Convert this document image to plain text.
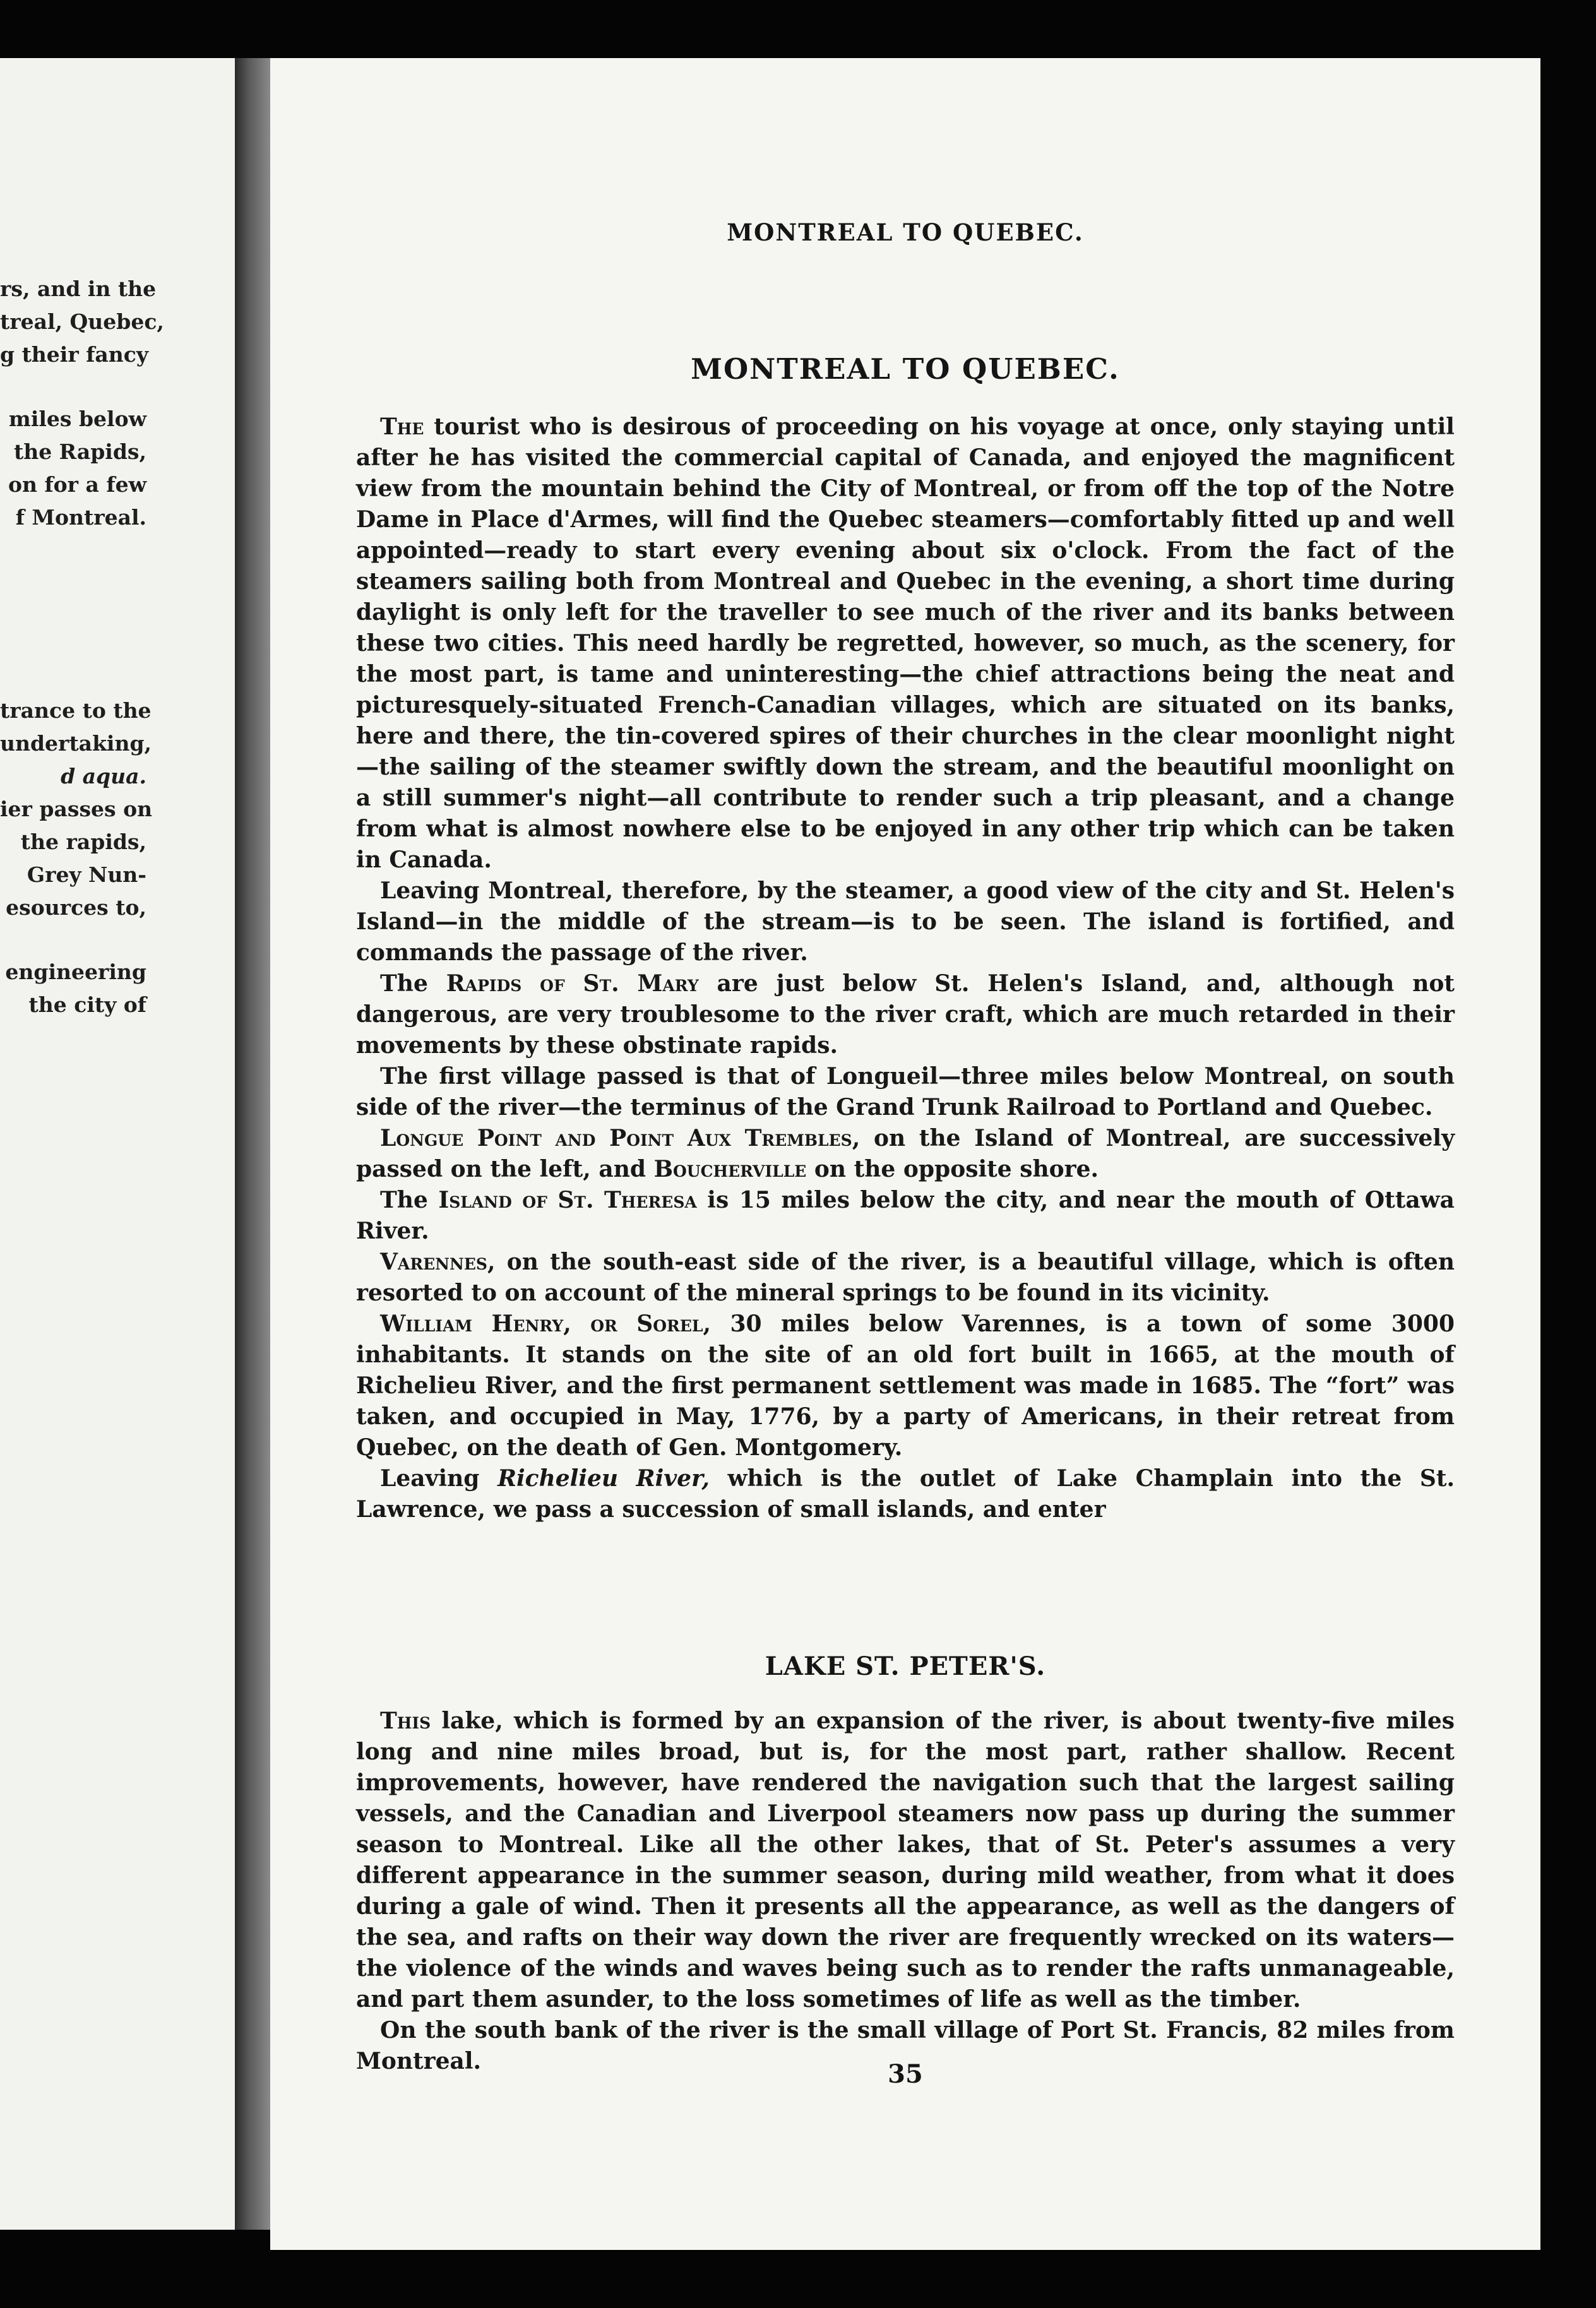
rs, and in the
treal, Quebec,
g their fancy
miles below
the Rapids,
on for a few
f Montreal.
trance to the
undertaking,
d aqua.
ier passes on
the rapids,
Grey Nun-
esources to,
engineering
the city of
MONTREAL TO QUEBEC.
MONTREAL TO QUEBEC.

The tourist who is desirous of proceeding on his voyage at once, only staying until after he has visited the commercial capital of Canada, and enjoyed the magnificent view from the mountain behind the City of Montreal, or from off the top of the Notre Dame in Place d'Armes, will find the Quebec steamers—comfortably fitted up and well appointed—ready to start every evening about six o'clock. From the fact of the steamers sailing both from Montreal and Quebec in the evening, a short time during daylight is only left for the traveller to see much of the river and its banks between these two cities. This need hardly be regretted, however, so much, as the scenery, for the most part, is tame and uninteresting—the chief attractions being the neat and picturesquely-situated French-Canadian villages, which are situated on its banks, here and there, the tin-covered spires of their churches in the clear moonlight night—the sailing of the steamer swiftly down the stream, and the beautiful moonlight on a still summer's night—all contribute to render such a trip pleasant, and a change from what is almost nowhere else to be enjoyed in any other trip which can be taken in Canada.

Leaving Montreal, therefore, by the steamer, a good view of the city and St. Helen's Island—in the middle of the stream—is to be seen. The island is fortified, and commands the passage of the river.

The Rapids of St. Mary are just below St. Helen's Island, and, although not dangerous, are very troublesome to the river craft, which are much retarded in their movements by these obstinate rapids.

The first village passed is that of Longueil—three miles below Montreal, on south side of the river—the terminus of the Grand Trunk Railroad to Portland and Quebec.

Longue Point and Point Aux Trembles, on the Island of Montreal, are successively passed on the left, and Boucherville on the opposite shore.

The Island of St. Theresa is 15 miles below the city, and near the mouth of Ottawa River.

Varennes, on the south-east side of the river, is a beautiful village, which is often resorted to on account of the mineral springs to be found in its vicinity.

William Henry, or Sorel, 30 miles below Varennes, is a town of some 3000 inhabitants. It stands on the site of an old fort built in 1665, at the mouth of Richelieu River, and the first permanent settlement was made in 1685. The “fort” was taken, and occupied in May, 1776, by a party of Americans, in their retreat from Quebec, on the death of Gen. Montgomery.

Leaving Richelieu River, which is the outlet of Lake Champlain into the St. Lawrence, we pass a succession of small islands, and enter

LAKE ST. PETER'S.

This lake, which is formed by an expansion of the river, is about twenty-five miles long and nine miles broad, but is, for the most part, rather shallow. Recent improvements, however, have rendered the navigation such that the largest sailing vessels, and the Canadian and Liverpool steamers now pass up during the summer season to Montreal. Like all the other lakes, that of St. Peter's assumes a very different appearance in the summer season, during mild weather, from what it does during a gale of wind. Then it presents all the appearance, as well as the dangers of the sea, and rafts on their way down the river are frequently wrecked on its waters—the violence of the winds and waves being such as to render the rafts unmanageable, and part them asunder, to the loss sometimes of life as well as the timber.

On the south bank of the river is the small village of Port St. Francis, 82 miles from Montreal.	35
